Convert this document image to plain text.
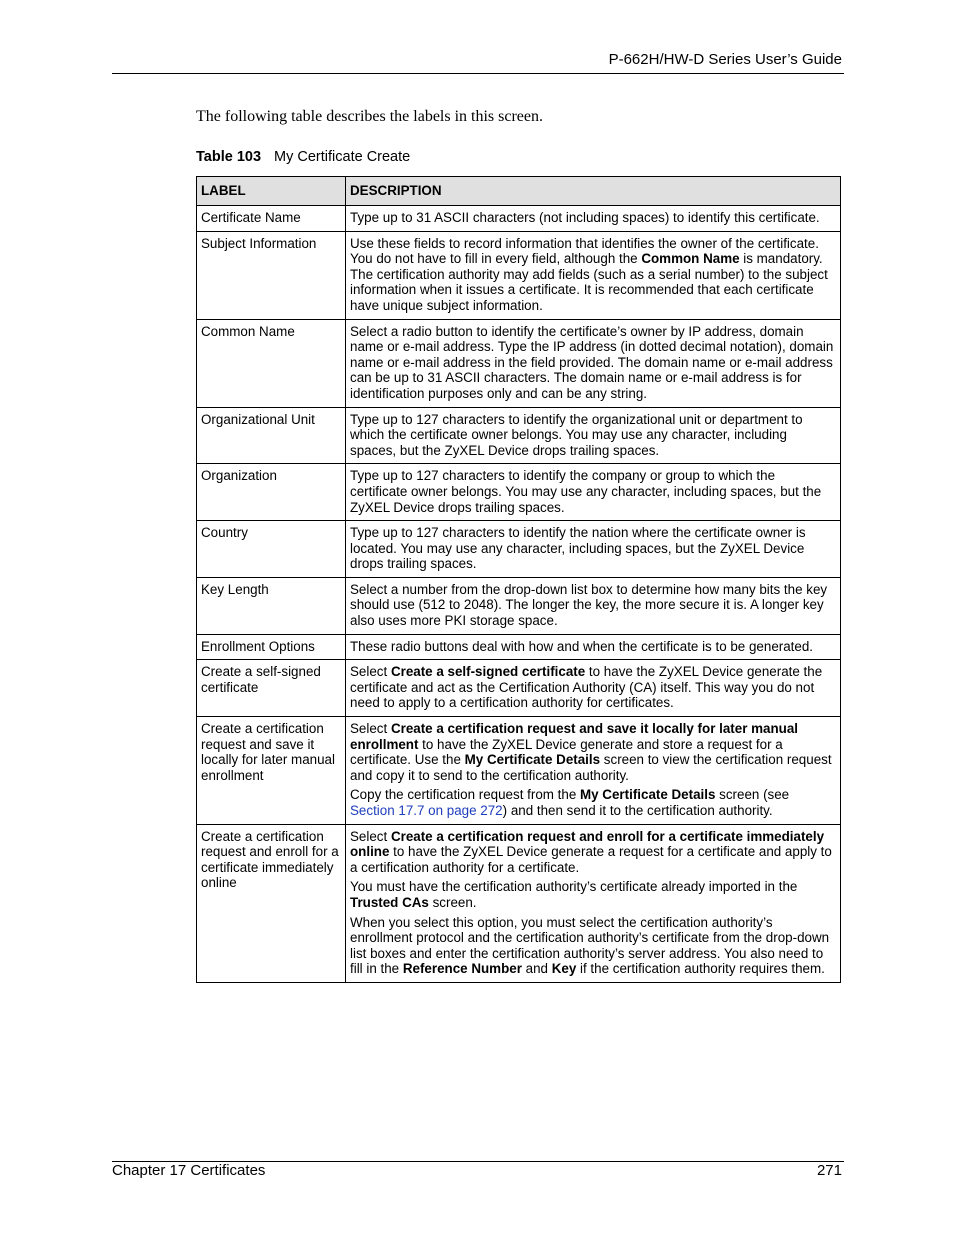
P-662H/HW-D Series User’s Guide
The following table describes the labels in this screen.
Table 103 My Certificate Create
LABEL	DESCRIPTION
Certificate Name	Type up to 31 ASCII characters (not including spaces) to identify this certificate.

Subject Information	Use these fields to record information that identifies the owner of the certificate. You do not have to fill in every field, although the Common Name is mandatory. The certification authority may add fields (such as a serial number) to the subject information when it issues a certificate. It is recommended that each certificate have unique subject information.

Common Name	Select a radio button to identify the certificate’s owner by IP address, domain name or e-mail address. Type the IP address (in dotted decimal notation), domain name or e-mail address in the field provided. The domain name or e-mail address can be up to 31 ASCII characters. The domain name or e-mail address is for identification purposes only and can be any string.

Organizational Unit	Type up to 127 characters to identify the organizational unit or department to which the certificate owner belongs. You may use any character, including spaces, but the ZyXEL Device drops trailing spaces.

Organization	Type up to 127 characters to identify the company or group to which the certificate owner belongs. You may use any character, including spaces, but the ZyXEL Device drops trailing spaces.

Country	Type up to 127 characters to identify the nation where the certificate owner is located. You may use any character, including spaces, but the ZyXEL Device drops trailing spaces.

Key Length	Select a number from the drop-down list box to determine how many bits the key should use (512 to 2048). The longer the key, the more secure it is. A longer key also uses more PKI storage space.

Enrollment Options	These radio buttons deal with how and when the certificate is to be generated.

Create a self-signed certificate	Select Create a self-signed certificate to have the ZyXEL Device generate the certificate and act as the Certification Authority (CA) itself. This way you do not need to apply to a certification authority for certificates.

Create a certification request and save it locally for later manual enrollment	Select Create a certification request and save it locally for later manual enrollment to have the ZyXEL Device generate and store a request for a certificate. Use the My Certificate Details screen to view the certification request and copy it to send to the certification authority.

Copy the certification request from the My Certificate Details screen (see Section 17.7 on page 272) and then send it to the certification authority.

Create a certification request and enroll for a certificate immediately online	Select Create a certification request and enroll for a certificate immediately online to have the ZyXEL Device generate a request for a certificate and apply to a certification authority for a certificate.

You must have the certification authority’s certificate already imported in the Trusted CAs screen.

When you select this option, you must select the certification authority’s enrollment protocol and the certification authority’s certificate from the drop-down list boxes and enter the certification authority’s server address. You also need to fill in the Reference Number and Key if the certification authority requires them.

Chapter 17 Certificates	271
